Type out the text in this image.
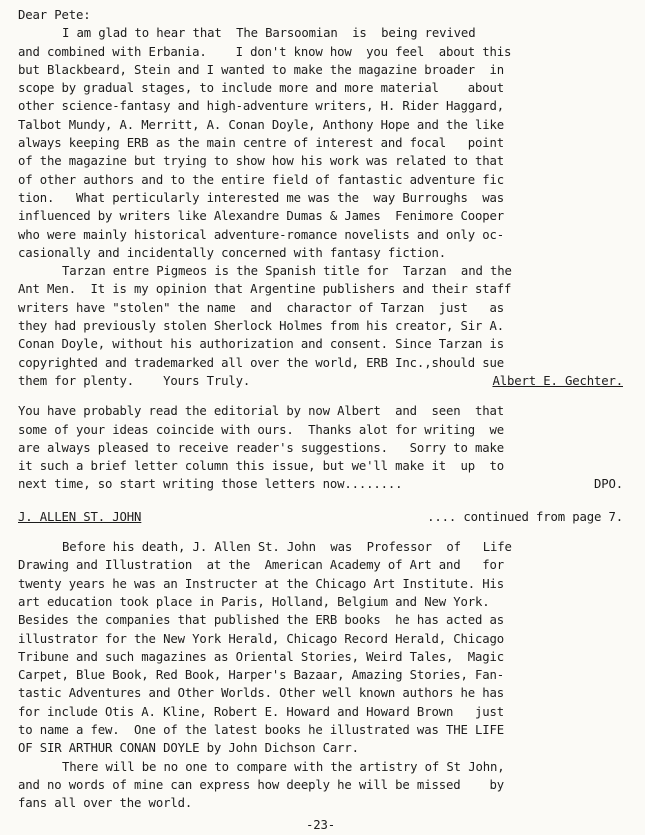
Dear Pete:
I am glad to hear that  The Barsoomian  is  being revived
and combined with Erbania.    I don't know how  you feel  about this
but Blackbeard, Stein and I wanted to make the magazine broader  in
scope by gradual stages, to include more and more material    about
other science-fantasy and high-adventure writers, H. Rider Haggard,
Talbot Mundy, A. Merritt, A. Conan Doyle, Anthony Hope and the like
always keeping ERB as the main centre of interest and focal   point
of the magazine but trying to show how his work was related to that
of other authors and to the entire field of fantastic adventure fic
tion.   What perticularly interested me was the  way Burroughs  was
influenced by writers like Alexandre Dumas & James  Fenimore Cooper
who were mainly historical adventure-romance novelists and only oc-
casionally and incidentally concerned with fantasy fiction.
Tarzan entre Pigmeos is the Spanish title for  Tarzan  and the
Ant Men.  It is my opinion that Argentine publishers and their staff
writers have "stolen" the name  and  charactor of Tarzan  just   as
they had previously stolen Sherlock Holmes from his creator, Sir A.
Conan Doyle, without his authorization and consent. Since Tarzan is
copyrighted and trademarked all over the world, ERB Inc.,should sue
them for plenty.    Yours Truly.	Albert E. Gechter.
You have probably read the editorial by now Albert  and  seen  that
some of your ideas coincide with ours.  Thanks alot for writing  we
are always pleased to receive reader's suggestions.   Sorry to make
it such a brief letter column this issue, but we'll make it  up  to
next time, so start writing those letters now........	DPO.
J. ALLEN ST. JOHN	.... continued from page 7.
Before his death, J. Allen St. John  was  Professor  of   Life
Drawing and Illustration  at the  American Academy of Art and   for
twenty years he was an Instructer at the Chicago Art Institute. His
art education took place in Paris, Holland, Belgium and New York.
Besides the companies that published the ERB books  he has acted as
illustrator for the New York Herald, Chicago Record Herald, Chicago
Tribune and such magazines as Oriental Stories, Weird Tales,  Magic
Carpet, Blue Book, Red Book, Harper's Bazaar, Amazing Stories, Fan-
tastic Adventures and Other Worlds. Other well known authors he has
for include Otis A. Kline, Robert E. Howard and Howard Brown   just
to name a few.  One of the latest books he illustrated was THE LIFE
OF SIR ARTHUR CONAN DOYLE by John Dichson Carr.
There will be no one to compare with the artistry of St John,
and no words of mine can express how deeply he will be missed    by
fans all over the world.
-23-
